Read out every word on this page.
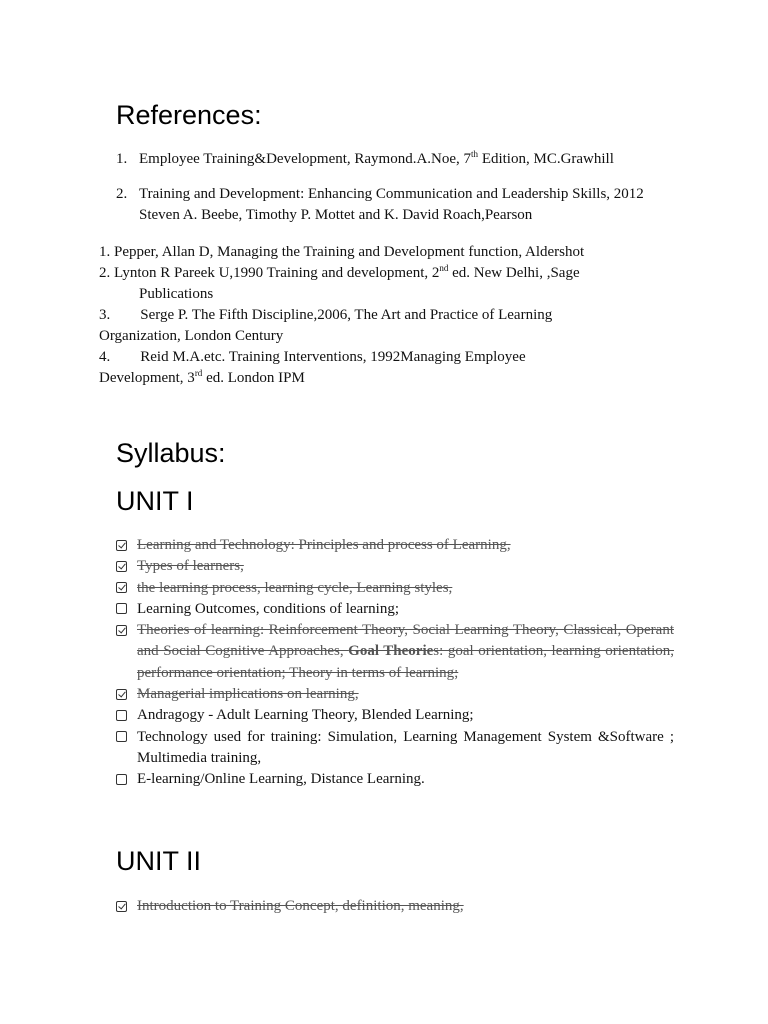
References:
1. Employee Training&Development, Raymond.A.Noe, 7th Edition, MC.Grawhill
2. Training and Development: Enhancing Communication and Leadership Skills, 2012 Steven A. Beebe, Timothy P. Mottet and K. David Roach,Pearson
1. Pepper, Allan D, Managing the Training and Development function, Aldershot
2. Lynton R Pareek U,1990 Training and development, 2nd ed. New Delhi, ,Sage
Publications
3. Serge P. The Fifth Discipline,2006, The Art and Practice of Learning
Organization, London Century
4. Reid M.A.etc. Training Interventions, 1992Managing Employee
Development, 3rd ed. London IPM
Syllabus:
UNIT I
Learning and Technology: Principles and process of Learning,
Types of learners,
the learning process, learning cycle, Learning styles,
Learning Outcomes, conditions of learning;
Theories of learning: Reinforcement Theory, Social Learning Theory, Classical, Operant and Social Cognitive Approaches, Goal Theories: goal orientation, learning orientation, performance orientation; Theory in terms of learning;
Managerial implications on learning,
Andragogy - Adult Learning Theory, Blended Learning;
Technology used for training: Simulation, Learning Management System &Software ; Multimedia training,
E-learning/Online Learning, Distance Learning.
UNIT II
Introduction to Training Concept, definition, meaning,
